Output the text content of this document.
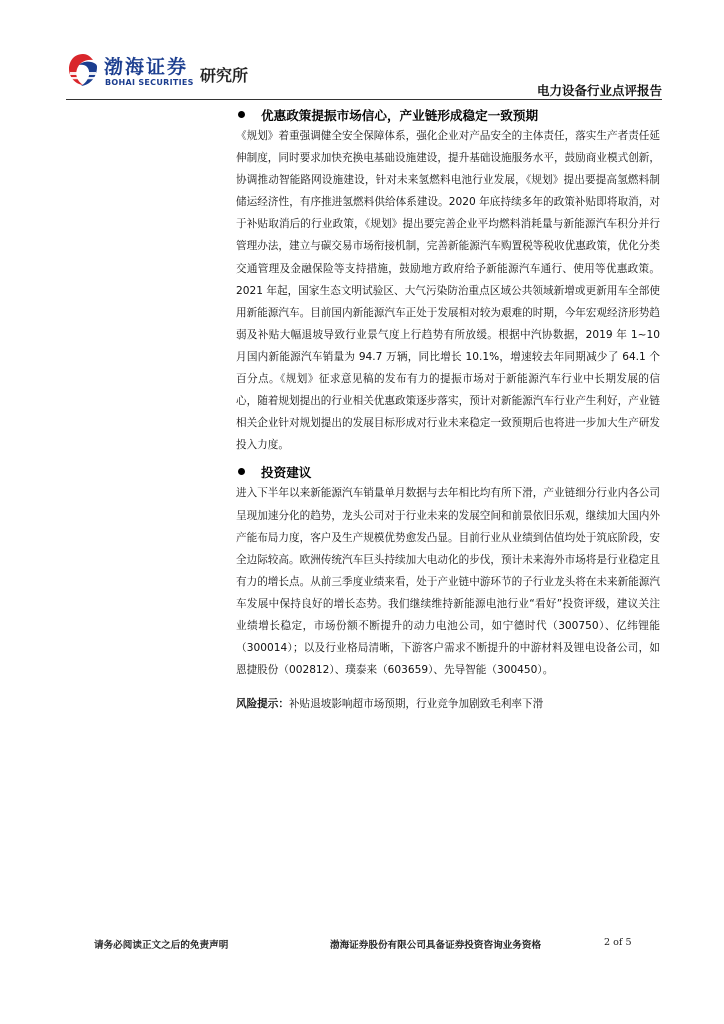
渤海证券
BOHAI SECURITIES 研究所
电力设备行业点评报告
优惠政策提振市场信心，产业链形成稳定一致预期

《规划》着重强调健全安全保障体系，强化企业对产品安全的主体责任，落实生产者责任延伸制度，同时要求加快充换电基础设施建设，提升基础设施服务水平，鼓励商业模式创新，协调推动智能路网设施建设，针对未来氢燃料电池行业发展，《规划》提出要提高氢燃料制储运经济性，有序推进氢燃料供给体系建设。2020 年底持续多年的政策补贴即将取消，对于补贴取消后的行业政策，《规划》提出要完善企业平均燃料消耗量与新能源汽车积分并行管理办法，建立与碳交易市场衔接机制，完善新能源汽车购置税等税收优惠政策，优化分类交通管理及金融保险等支持措施，鼓励地方政府给予新能源汽车通行、使用等优惠政策。2021 年起，国家生态文明试验区、大气污染防治重点区域公共领域新增或更新用车全部使用新能源汽车。目前国内新能源汽车正处于发展相对较为艰难的时期，今年宏观经济形势趋弱及补贴大幅退坡导致行业景气度上行趋势有所放缓。根据中汽协数据，2019 年 1~10 月国内新能源汽车销量为 94.7 万辆，同比增长 10.1%，增速较去年同期减少了 64.1 个百分点。《规划》征求意见稿的发布有力的提振市场对于新能源汽车行业中长期发展的信心，随着规划提出的行业相关优惠政策逐步落实，预计对新能源汽车行业产生利好，产业链相关企业针对规划提出的发展目标形成对行业未来稳定一致预期后也将进一步加大生产研发投入力度。

投资建议

进入下半年以来新能源汽车销量单月数据与去年相比均有所下滑，产业链细分行业内各公司呈现加速分化的趋势，龙头公司对于行业未来的发展空间和前景依旧乐观，继续加大国内外产能布局力度，客户及生产规模优势愈发凸显。目前行业从业绩到估值均处于筑底阶段，安全边际较高。欧洲传统汽车巨头持续加大电动化的步伐，预计未来海外市场将是行业稳定且有力的增长点。从前三季度业绩来看，处于产业链中游环节的子行业龙头将在未来新能源汽车发展中保持良好的增长态势。我们继续维持新能源电池行业“看好”投资评级，建议关注业绩增长稳定，市场份额不断提升的动力电池公司，如宁德时代（300750）、亿纬锂能（300014）；以及行业格局清晰，下游客户需求不断提升的中游材料及锂电设备公司，如恩捷股份（002812）、璞泰来（603659）、先导智能（300450）。

风险提示：补贴退坡影响超市场预期，行业竞争加剧致毛利率下滑
请务必阅读正文之后的免责声明	渤海证券股份有限公司具备证券投资咨询业务资格	2 of 5
